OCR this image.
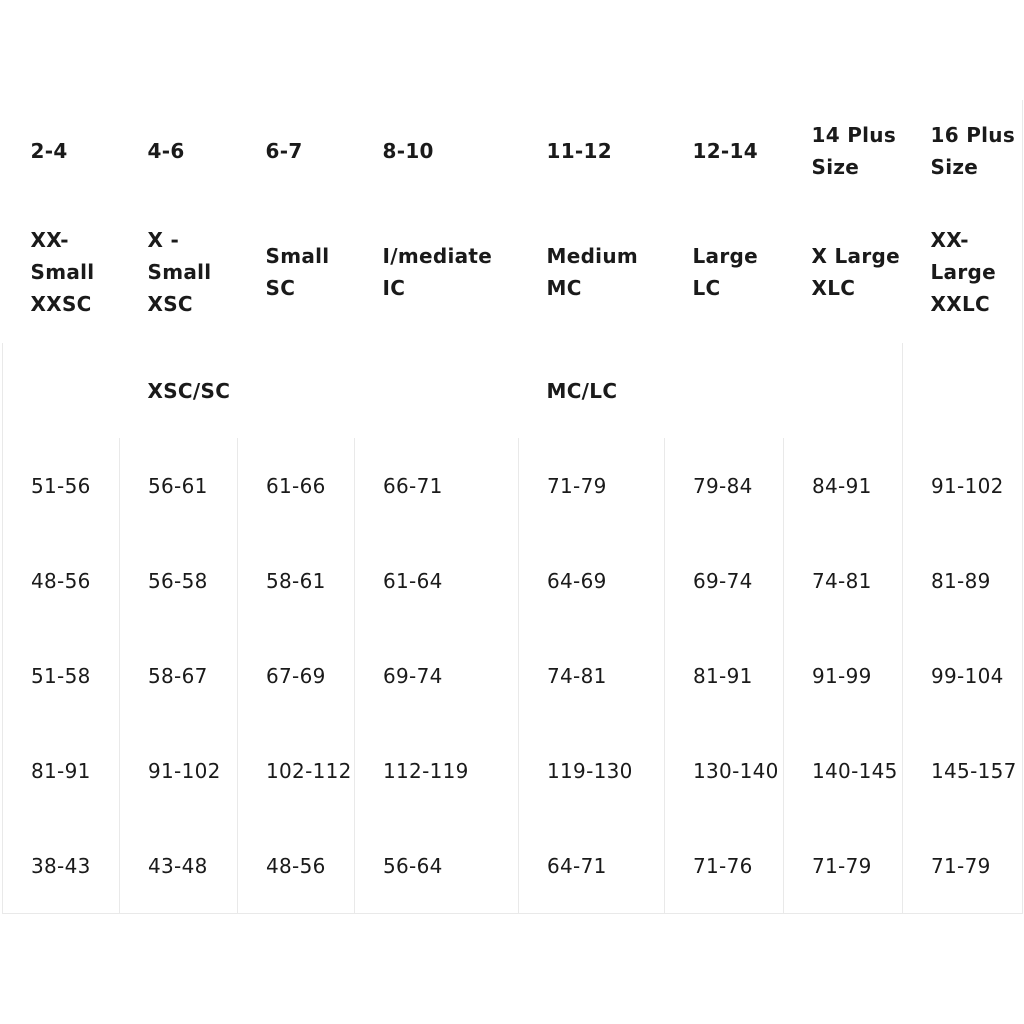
2-4	4-6	6-7	8-10	11-12	12-14	14 Plus Size	16 Plus Size

XX-Small XXSC	X - Small XSC	Small SC	I/mediate IC	Medium MC	Large LC	X Large XLC	XX-Large XXLC

	XSC/SC			MC/LC			

51-56	56-61	61-66	66-71	71-79	79-84	84-91	91-102

48-56	56-58	58-61	61-64	64-69	69-74	74-81	81-89

51-58	58-67	67-69	69-74	74-81	81-91	91-99	99-104

81-91	91-102	102-112	112-119	119-130	130-140	140-145	145-157

38-43	43-48	48-56	56-64	64-71	71-76	71-79	71-79
